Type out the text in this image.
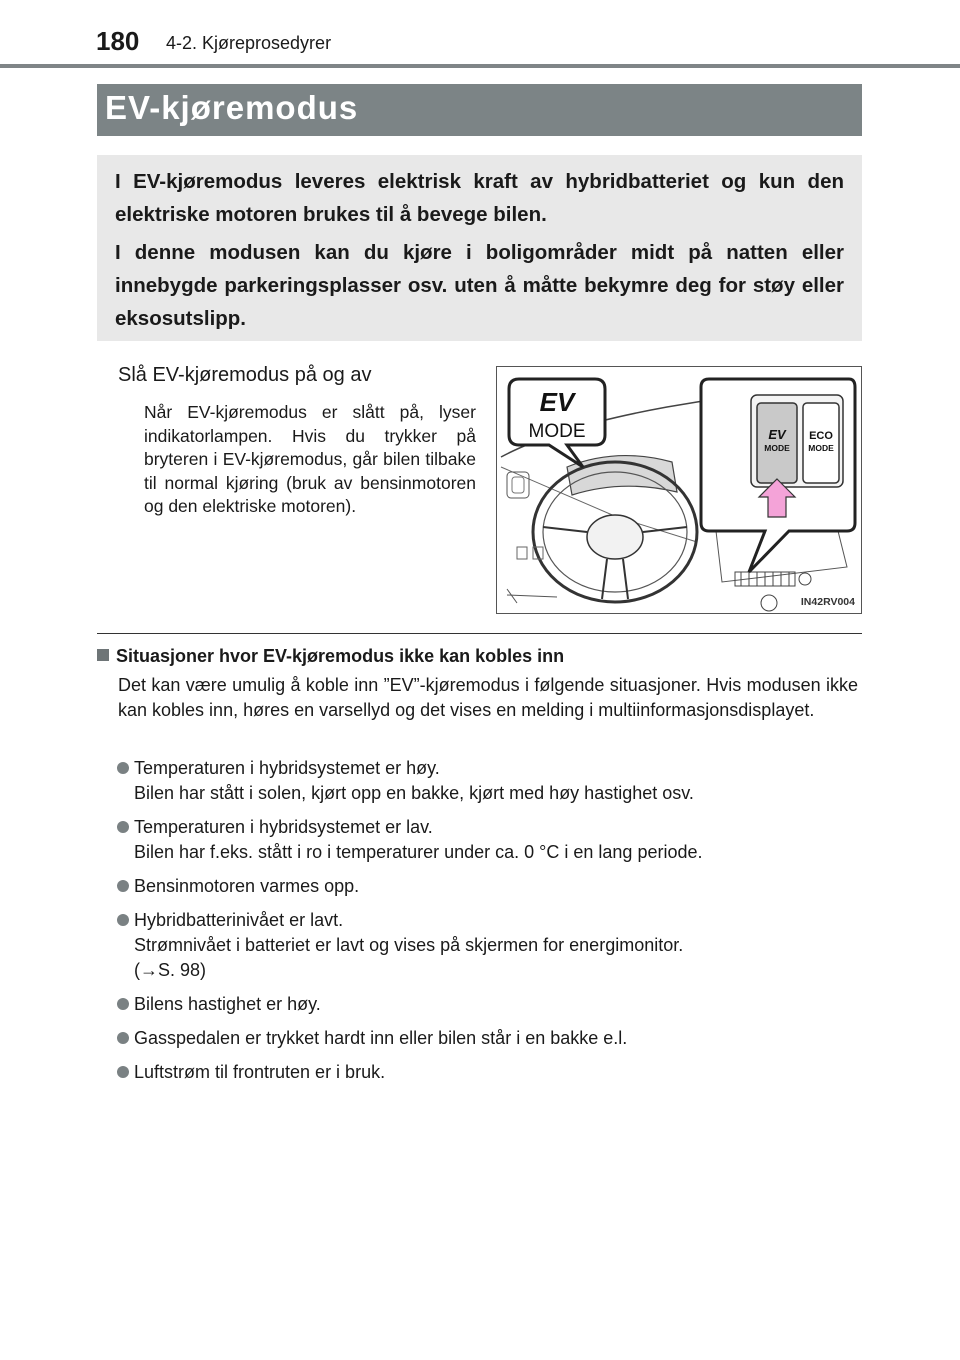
180 4-2. Kjøreprosedyrer
EV-kjøremodus

I EV-kjøremodus leveres elektrisk kraft av hybridbatteriet og kun den elektriske motoren brukes til å bevege bilen.

I denne modusen kan du kjøre i boligområder midt på natten eller innebygde parkeringsplasser osv. uten å måtte bekymre deg for støy eller eksosutslipp.

Slå EV-kjøremodus på og av
Når EV-kjøremodus er slått på, lyser indikatorlampen. Hvis du trykker på bryteren i EV-kjøremodus, går bilen tilbake til normal kjøring (bruk av bensinmotoren og den elektriske motoren).
EV
MODE	EV
MODE
ECO
MODE
IN42RV004
Situasjoner hvor EV-kjøremodus ikke kan kobles inn
Det kan være umulig å koble inn ”EV”-kjøremodus i følgende situasjoner. Hvis modusen ikke kan kobles inn, høres en varsellyd og det vises en melding i multiinformasjonsdisplayet.
Temperaturen i hybridsystemet er høy.
Bilen har stått i solen, kjørt opp en bakke, kjørt med høy hastighet osv.
Temperaturen i hybridsystemet er lav.
Bilen har f.eks. stått i ro i temperaturer under ca. 0 °C i en lang periode.
Bensinmotoren varmes opp.
Hybridbatterinivået er lavt.
Strømnivået i batteriet er lavt og vises på skjermen for energimonitor.
(→S. 98)
Bilens hastighet er høy.
Gasspedalen er trykket hardt inn eller bilen står i en bakke e.l.
Luftstrøm til frontruten er i bruk.
